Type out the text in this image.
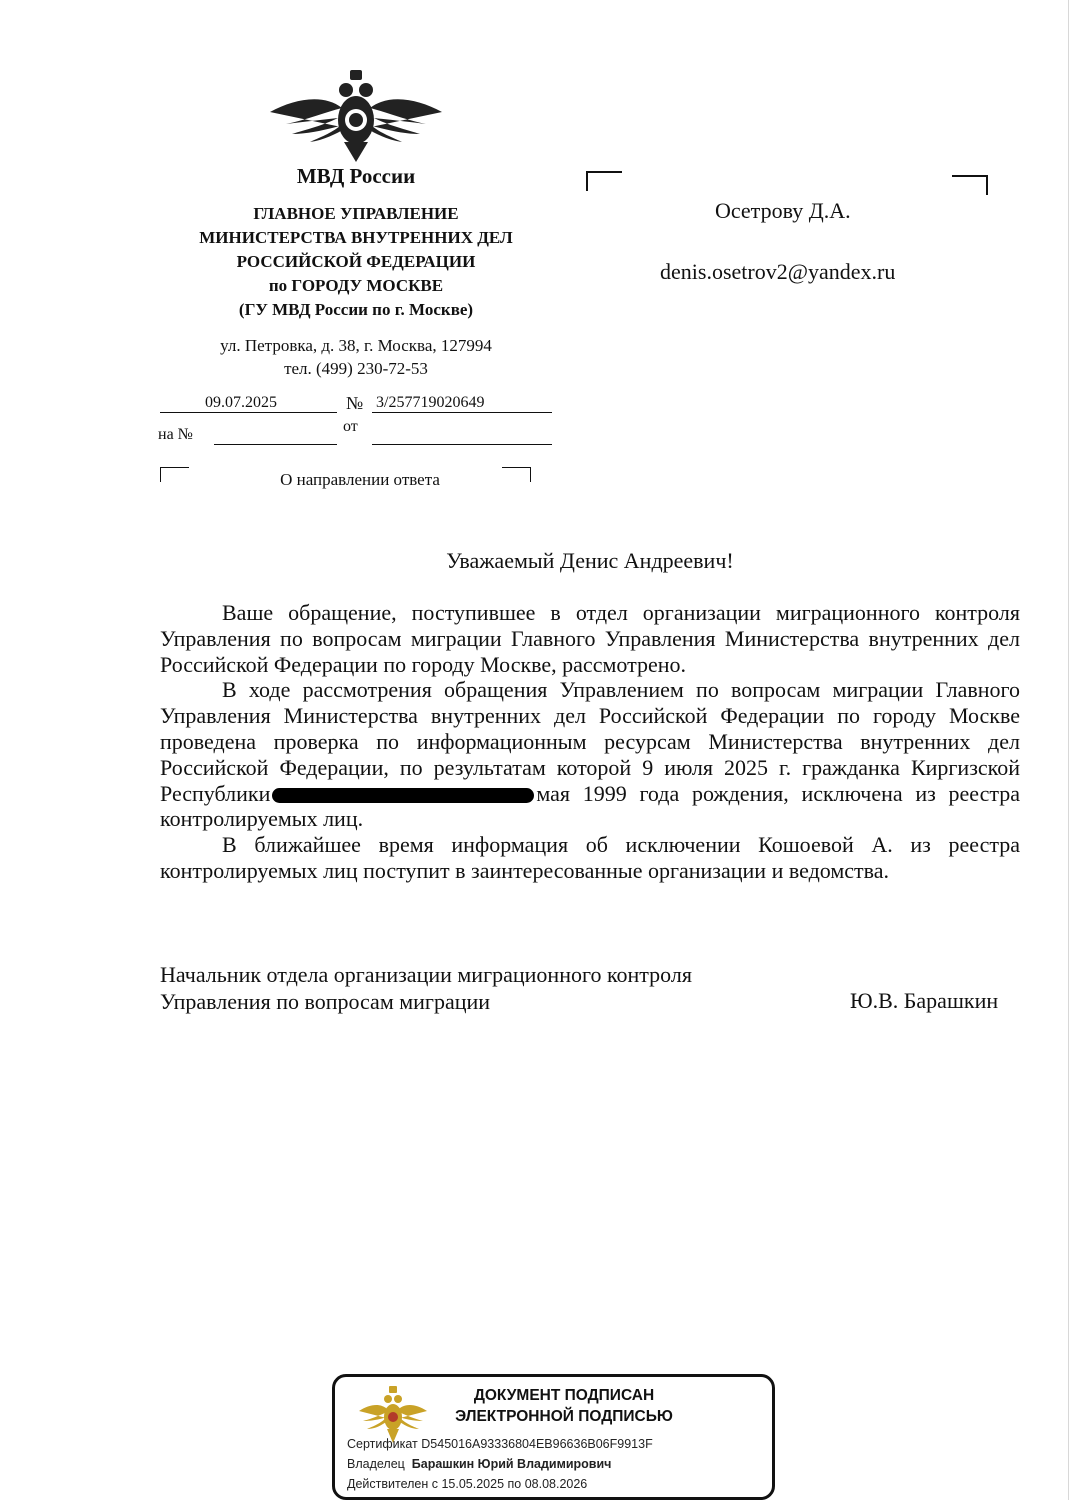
МВД России
ГЛАВНОЕ УПРАВЛЕНИЕ
МИНИСТЕРСТВА ВНУТРЕННИХ ДЕЛ
РОССИЙСКОЙ ФЕДЕРАЦИИ
по ГОРОДУ МОСКВЕ
(ГУ МВД России по г. Москве)
ул. Петровка, д. 38, г. Москва, 127994
тел. (499) 230-72-53
09.07.2025	№ 3/257719020649
на №	от
О направлении ответа
Осетрову Д.А.
denis.osetrov2@yandex.ru
Уважаемый Денис Андреевич!

Ваше обращение, поступившее в отдел организации миграционного контроля Управления по вопросам миграции Главного Управления Министерства внутренних дел Российской Федерации по городу Москве, рассмотрено.

В ходе рассмотрения обращения Управлением по вопросам миграции Главного Управления Министерства внутренних дел Российской Федерации по городу Москве проведена проверка по информационным ресурсам Министерства внутренних дел Российской Федерации, по результатам которой 9 июля 2025 г. гражданка Киргизской Республики	мая 1999 года рождения, исключена из реестра контролируемых лиц.

В ближайшее время информация об исключении Кошоевой А. из реестра контролируемых лиц поступит в заинтересованные организации и ведомства.

Начальник отдела организации миграционного контроля
Управления по вопросам миграции	Ю.В. Барашкин
ДОКУМЕНТ ПОДПИСАН
ЭЛЕКТРОННОЙ ПОДПИСЬЮ
Сертификат D545016A93336804EB96636B06F9913F
Владелец Барашкин Юрий Владимирович
Действителен с 15.05.2025 по 08.08.2026
